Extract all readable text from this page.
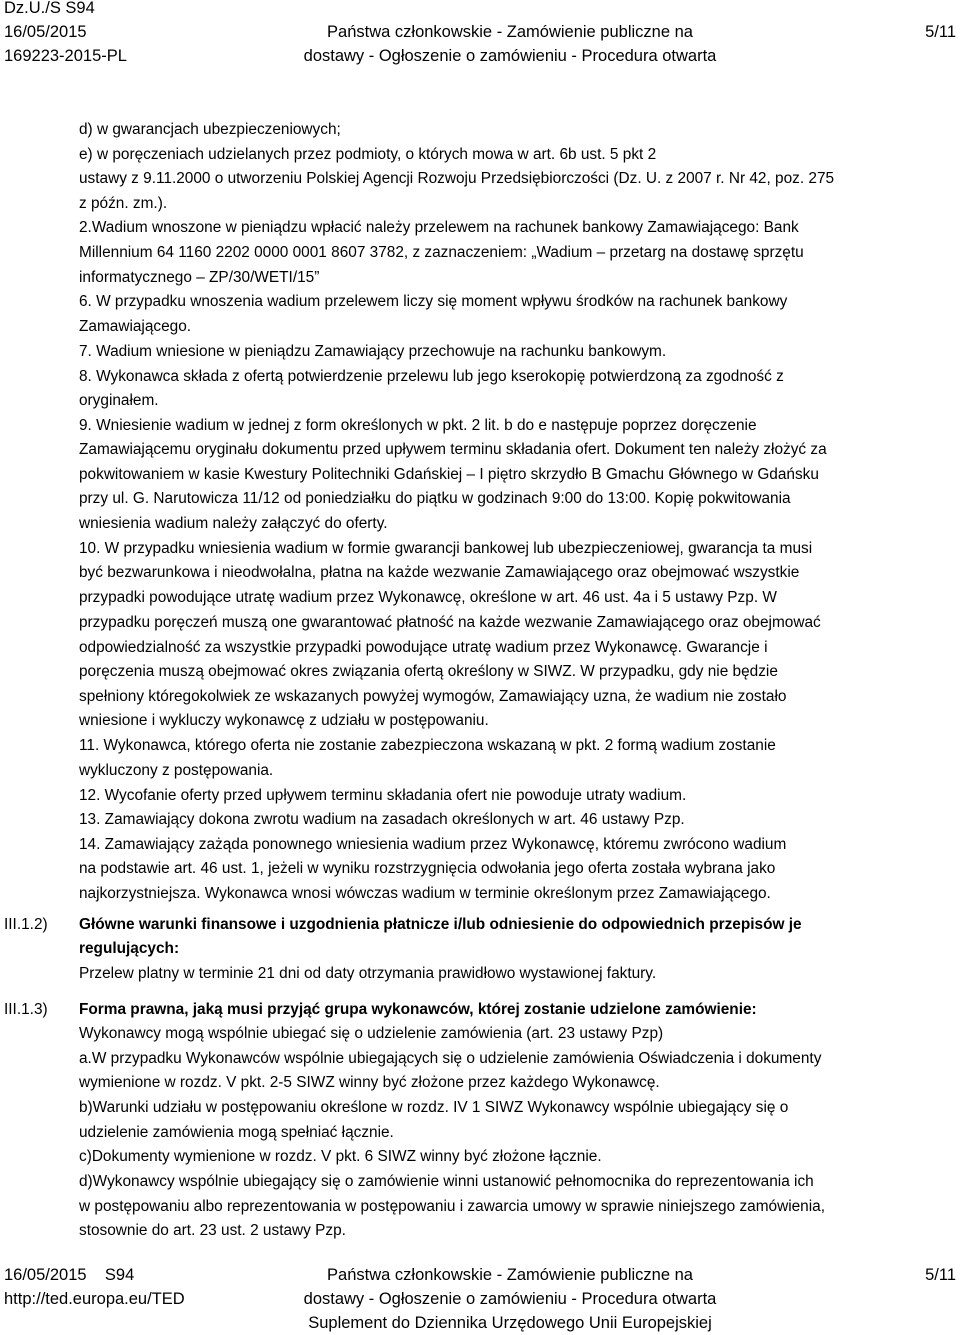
Dz.U./S S94
16/05/2015
169223-2015-PL
Państwa członkowskie - Zamówienie publiczne na
dostawy - Ogłoszenie o zamówieniu - Procedura otwarta
5/11
d) w gwarancjach ubezpieczeniowych;
e) w poręczeniach udzielanych przez podmioty, o których mowa w art. 6b ust. 5 pkt 2
ustawy z 9.11.2000 o utworzeniu Polskiej Agencji Rozwoju Przedsiębiorczości (Dz. U. z 2007 r. Nr 42, poz. 275
z późn. zm.).
2.Wadium wnoszone w pieniądzu wpłacić należy przelewem na rachunek bankowy Zamawiającego: Bank
Millennium 64 1160 2202 0000 0001 8607 3782, z zaznaczeniem: „Wadium – przetarg na dostawę sprzętu
informatycznego – ZP/30/WETI/15”
6. W przypadku wnoszenia wadium przelewem liczy się moment wpływu środków na rachunek bankowy
Zamawiającego.
7. Wadium wniesione w pieniądzu Zamawiający przechowuje na rachunku bankowym.
8. Wykonawca składa z ofertą potwierdzenie przelewu lub jego kserokopię potwierdzoną za zgodność z
oryginałem.
9. Wniesienie wadium w jednej z form określonych w pkt. 2 lit. b do e następuje poprzez doręczenie
Zamawiającemu oryginału dokumentu przed upływem terminu składania ofert. Dokument ten należy złożyć za
pokwitowaniem w kasie Kwestury Politechniki Gdańskiej – I piętro skrzydło B Gmachu Głównego w Gdańsku
przy ul. G. Narutowicza 11/12 od poniedziałku do piątku w godzinach 9:00 do 13:00. Kopię pokwitowania
wniesienia wadium należy załączyć do oferty.
10. W przypadku wniesienia wadium w formie gwarancji bankowej lub ubezpieczeniowej, gwarancja ta musi
być bezwarunkowa i nieodwołalna, płatna na każde wezwanie Zamawiającego oraz obejmować wszystkie
przypadki powodujące utratę wadium przez Wykonawcę, określone w art. 46 ust. 4a i 5 ustawy Pzp. W
przypadku poręczeń muszą one gwarantować płatność na każde wezwanie Zamawiającego oraz obejmować
odpowiedzialność za wszystkie przypadki powodujące utratę wadium przez Wykonawcę. Gwarancje i
poręczenia muszą obejmować okres związania ofertą określony w SIWZ. W przypadku, gdy nie będzie
spełniony któregokolwiek ze wskazanych powyżej wymogów, Zamawiający uzna, że wadium nie zostało
wniesione i wykluczy wykonawcę z udziału w postępowaniu.
11. Wykonawca, którego oferta nie zostanie zabezpieczona wskazaną w pkt. 2 formą wadium zostanie
wykluczony z postępowania.
12. Wycofanie oferty przed upływem terminu składania ofert nie powoduje utraty wadium.
13. Zamawiający dokona zwrotu wadium na zasadach określonych w art. 46 ustawy Pzp.
14. Zamawiający zażąda ponownego wniesienia wadium przez Wykonawcę, któremu zwrócono wadium
na podstawie art. 46 ust. 1, jeżeli w wyniku rozstrzygnięcia odwołania jego oferta została wybrana jako
najkorzystniejsza. Wykonawca wnosi wówczas wadium w terminie określonym przez Zamawiającego.
III.1.2) Główne warunki finansowe i uzgodnienia płatnicze i/lub odniesienie do odpowiednich przepisów je
regulujących:
Przelew platny w terminie 21 dni od daty otrzymania prawidłowo wystawionej faktury.
III.1.3) Forma prawna, jaką musi przyjąć grupa wykonawców, której zostanie udzielone zamówienie:
Wykonawcy mogą wspólnie ubiegać się o udzielenie zamówienia (art. 23 ustawy Pzp)
a.W przypadku Wykonawców wspólnie ubiegających się o udzielenie zamówienia Oświadczenia i dokumenty
wymienione w rozdz. V pkt. 2-5 SIWZ winny być złożone przez każdego Wykonawcę.
b)Warunki udziału w postępowaniu określone w rozdz. IV 1 SIWZ Wykonawcy wspólnie ubiegający się o
udzielenie zamówienia mogą spełniać łącznie.
c)Dokumenty wymienione w rozdz. V pkt. 6 SIWZ winny być złożone łącznie.
d)Wykonawcy wspólnie ubiegający się o zamówienie winni ustanowić pełnomocnika do reprezentowania ich
w postępowaniu albo reprezentowania w postępowaniu i zawarcia umowy w sprawie niniejszego zamówienia,
stosownie do art. 23 ust. 2 ustawy Pzp.
16/05/2015    S94
http://ted.europa.eu/TED
Państwa członkowskie - Zamówienie publiczne na
dostawy - Ogłoszenie o zamówieniu - Procedura otwarta
Suplement do Dziennika Urzędowego Unii Europejskiej
5/11
